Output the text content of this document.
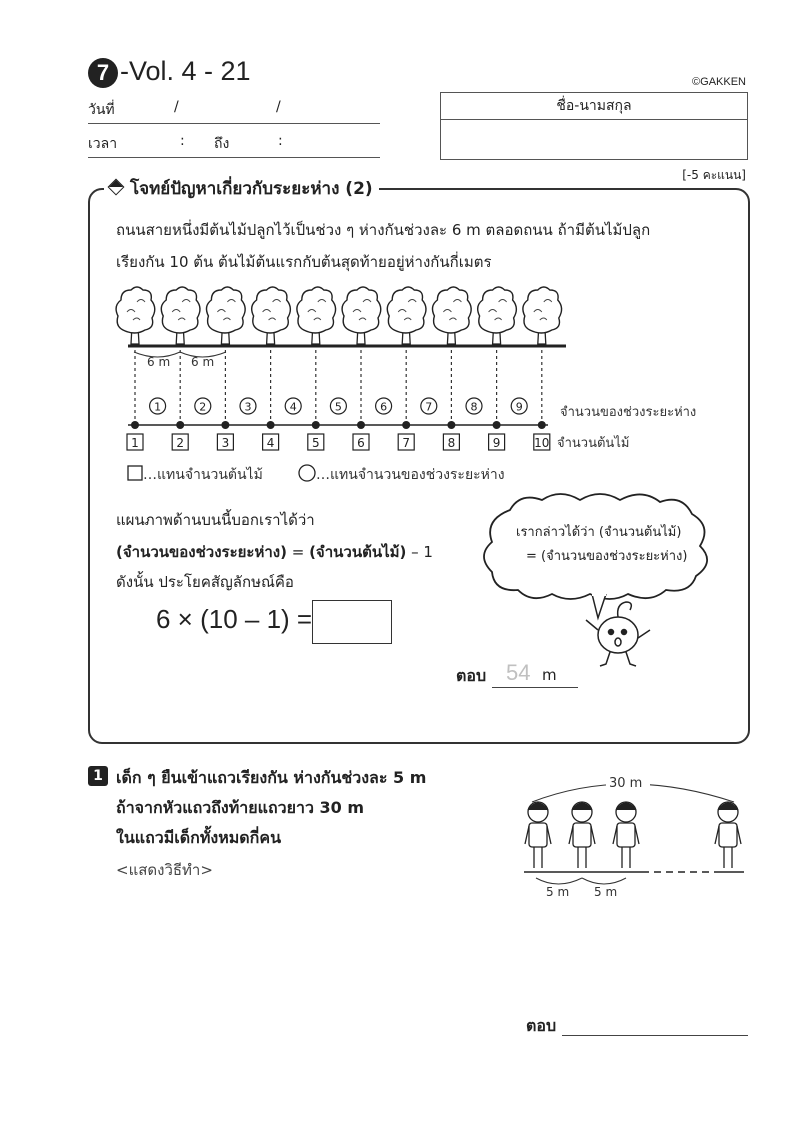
7 -Vol. 4 - 21	©GAKKEN
วันที่	/	/
เวลา	: ถึง	:
ชื่อ-นามสกุล
[-5 คะแนน]
โจทย์ปัญหาเกี่ยวกับระยะห่าง (2)
ถนนสายหนึ่งมีต้นไม้ปลูกไว้เป็นช่วง ๆ ห่างกันช่วงละ 6 m ตลอดถนน ถ้ามีต้นไม้ปลูก
เรียงกัน 10 ต้น ต้นไม้ต้นแรกกับต้นสุดท้ายอยู่ห่างกันกี่เมตร
6 m 6 m
1	2	3	4	5	6	7	8	9
1	2	3	4	5	6	7	8	9	10
จำนวนของช่วงระยะห่าง
จำนวนต้นไม้
…แทนจำนวนต้นไม้	…แทนจำนวนของช่วงระยะห่าง
แผนภาพด้านบนนี้บอกเราได้ว่า
(จำนวนของช่วงระยะห่าง) = (จำนวนต้นไม้) – 1
ดังนั้น ประโยคสัญลักษณ์คือ
6 × (10 – 1) =
เรากล่าวได้ว่า (จำนวนต้นไม้)
= (จำนวนของช่วงระยะห่าง)
ตอบ 54 m
1 เด็ก ๆ ยืนเข้าแถวเรียงกัน ห่างกันช่วงละ 5 m
ถ้าจากหัวแถวถึงท้ายแถวยาว 30 m
ในแถวมีเด็กทั้งหมดกี่คน
<แสดงวิธีทำ>
30 m
5 m 5 m
ตอบ
